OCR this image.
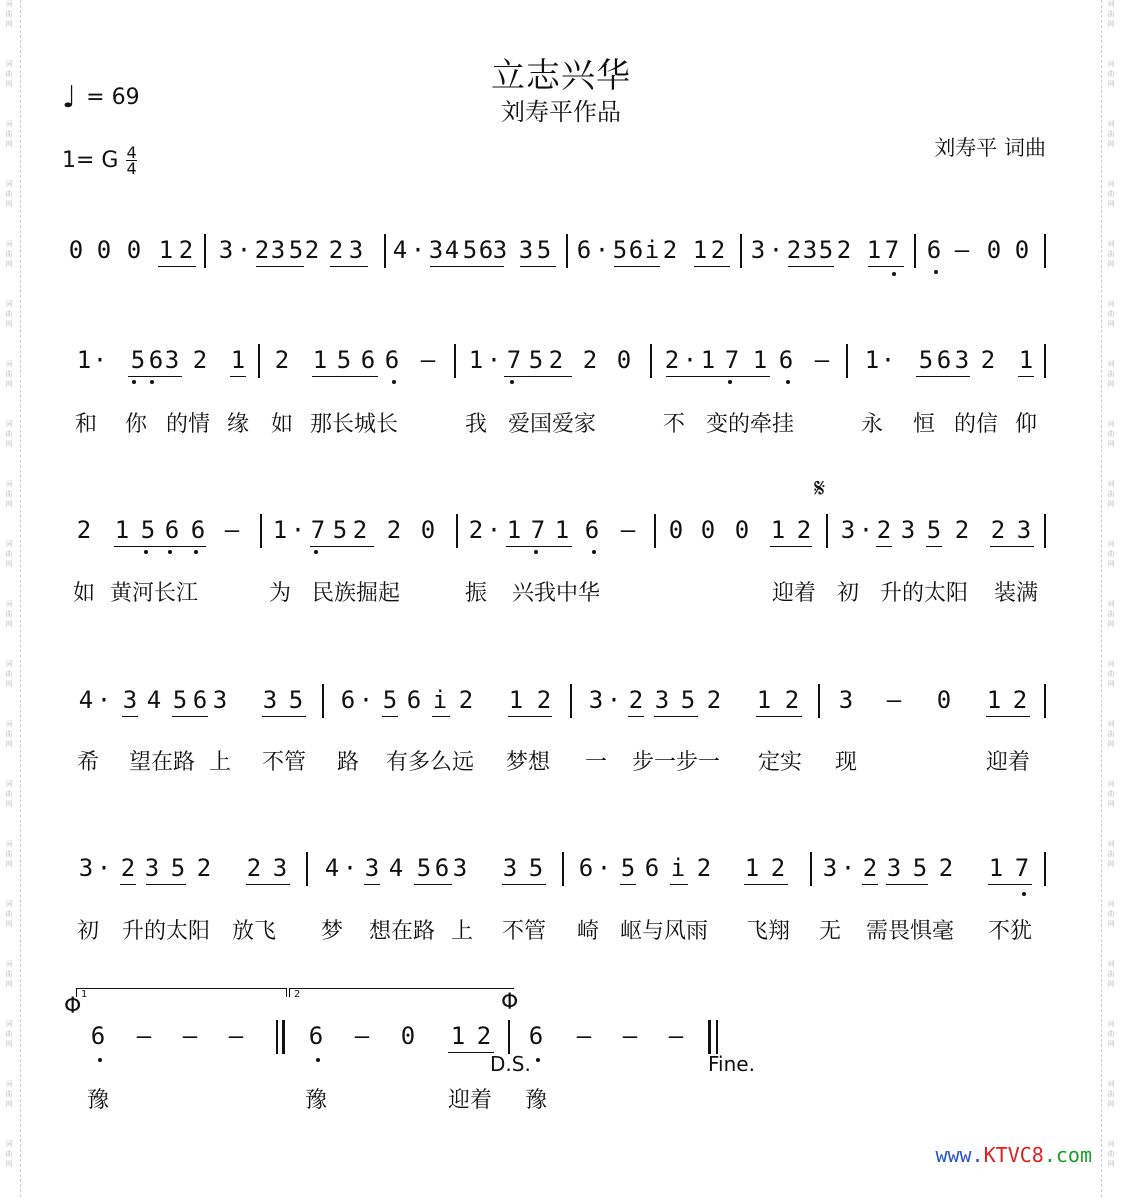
词
曲
网
词
曲
网
词
曲
网
词
曲
网
词
曲
网
词
曲
网
词
曲
网
词
曲
网
词
曲
网
词
曲
网
词
曲
网
词
曲
网
词
曲
网
词
曲
网
词
曲
网
词
曲
网
词
曲
网
词
曲
网
词
曲
网
词
曲
网
词
曲
网
词
曲
网
词
曲
网
词
曲
网
词
曲
网
词
曲
网
词
曲
网
词
曲
网
词
曲
网
词
曲
网
词
曲
网
词
曲
网
词
曲
网
词
曲
网
词
曲
网
词
曲
网
词
曲
网
词
曲
网
词
曲
网
词
曲
网
立志兴华
刘寿平作品
刘寿平 词曲
♩ = 69
1= G 4
4
0 0 0 1 2 3 · 2 3 5 2 2 3 4 · 3 4 5 6 3 3 5 6 · 5 6 i 2 1 2 3 · 2 3 5 2 1 7 6 – 0 0
1 · 5 6 3 2 1 2 1 5 6 6 – 1 · 7 5 2 2 0 2 · 1 7 1 6 – 1 · 5 6 3 2 1
2 1 5 6 6 – 1 · 7 5 2 2 0 2 · 1 7 1 6 – 0 0 0 1 2 3 · 2 3 5 2 2 3
4 · 3 4 5 6 3 3 5 6 · 5 6 i 2 1 2 3 · 2 3 5 2 1 2 3 – 0 1 2
3 · 2 3 5 2 2 3 4 · 3 4 5 6 3 3 5 6 · 5 6 i 2 1 2 3 · 2 3 5 2 1 7
6 – – –	6 – 0 1 2 6 – – –
和 你 的情 缘 如 那长城长	我 爱国爱家	不 变的牵挂	永 恒 的信 仰
如 黄河长江	为 民族掘起	振 兴我中华	迎着 初 升的太阳 装满
希 望在路 上 不管 路 有多么远 梦想 一 步一步一 定实 现	迎着
初 升的太阳 放飞 梦 想在路 上 不管 崎 岖与风雨 飞翔 无 需畏惧毫 不犹
豫	豫	迎着 豫
𝄋
D.S.	Fine.
Φ	Φ
1	2
www.KTVC8.com
